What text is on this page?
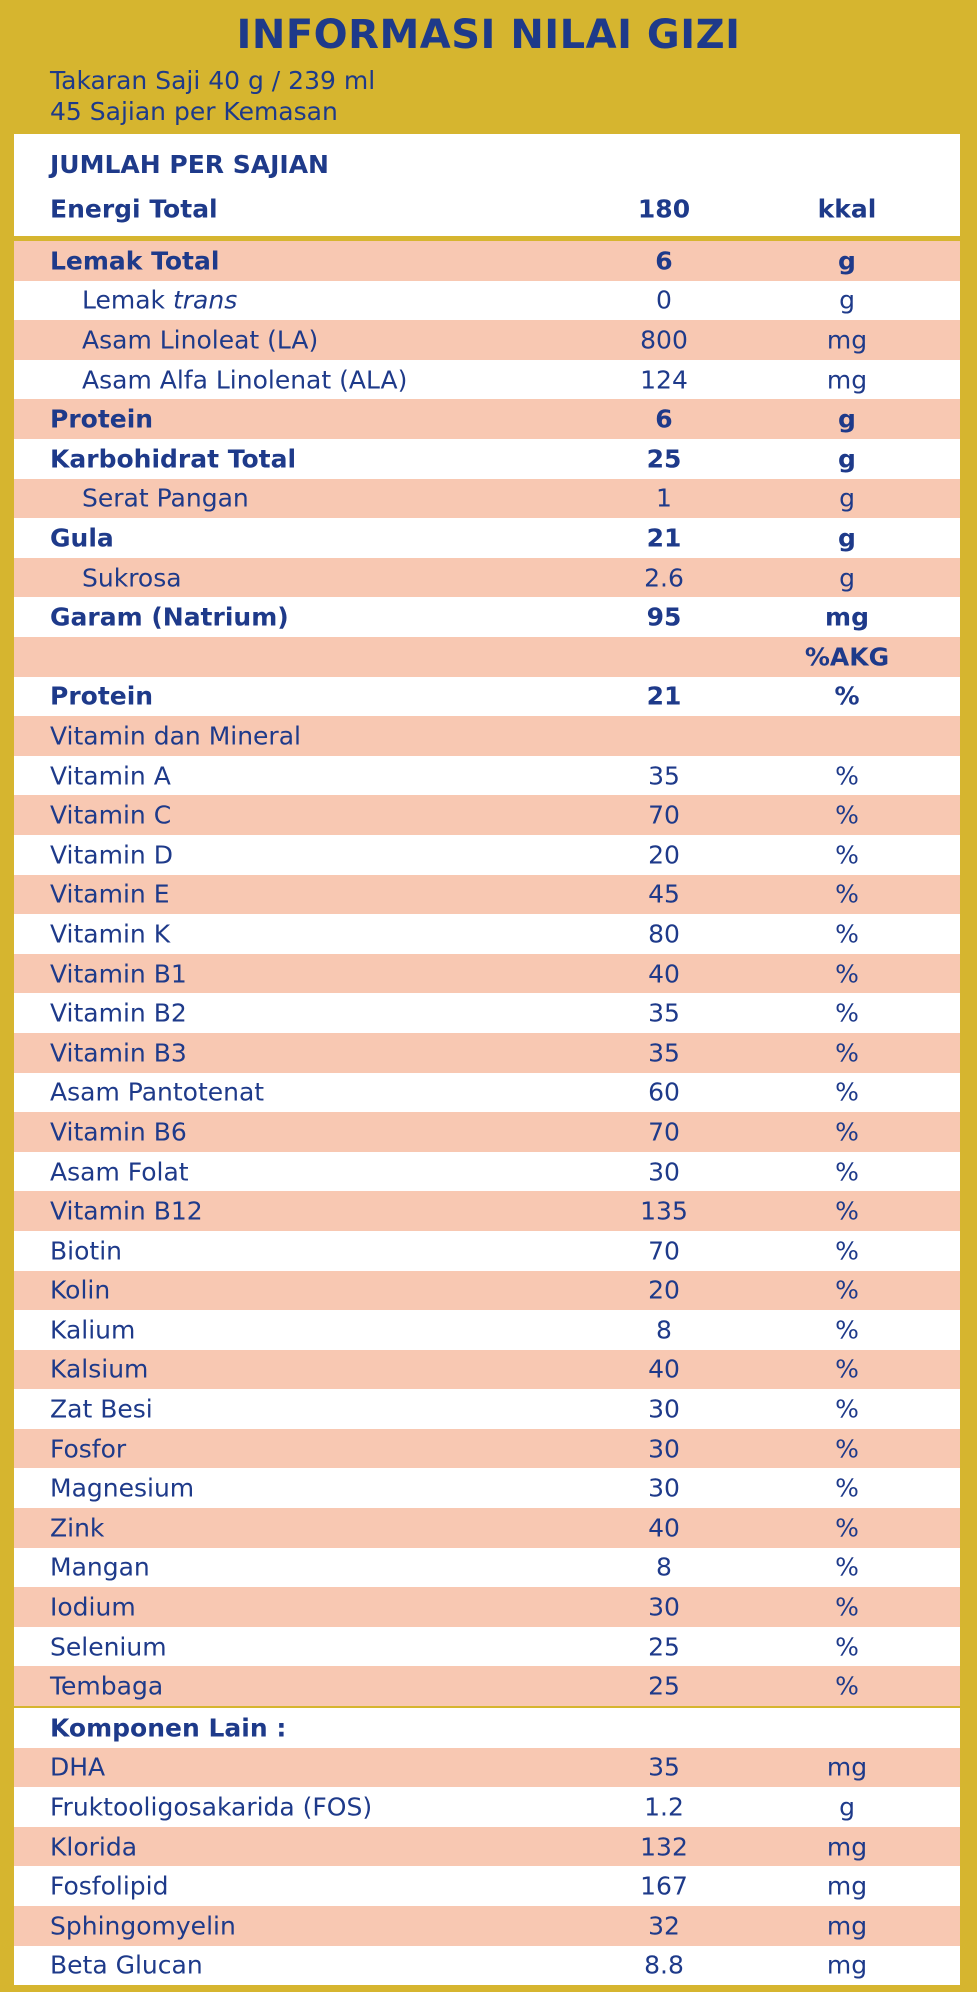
INFORMASI NILAI GIZI
Takaran Saji 40 g / 239 ml
45 Sajian per Kemasan
JUMLAH PER SAJIAN
Energi Total	180	kkal
Lemak Total	6	g
Lemak trans	0	g
Asam Linoleat (LA)	800	mg
Asam Alfa Linolenat (ALA)	124	mg
Protein	6	g
Karbohidrat Total	25	g
Serat Pangan	1	g
Gula	21	g
Sukrosa	2.6	g
Garam (Natrium)	95	mg
%AKG
Protein	21	%
Vitamin dan Mineral
Vitamin A	35	%
Vitamin C	70	%
Vitamin D	20	%
Vitamin E	45	%
Vitamin K	80	%
Vitamin B1	40	%
Vitamin B2	35	%
Vitamin B3	35	%
Asam Pantotenat	60	%
Vitamin B6	70	%
Asam Folat	30	%
Vitamin B12	135	%
Biotin	70	%
Kolin	20	%
Kalium	8	%
Kalsium	40	%
Zat Besi	30	%
Fosfor	30	%
Magnesium	30	%
Zink	40	%
Mangan	8	%
Iodium	30	%
Selenium	25	%
Tembaga	25	%
Komponen Lain :
DHA	35	mg
Fruktooligosakarida (FOS)	1.2	g
Klorida	132	mg
Fosfolipid	167	mg
Sphingomyelin	32	mg
Beta Glucan	8.8	mg
